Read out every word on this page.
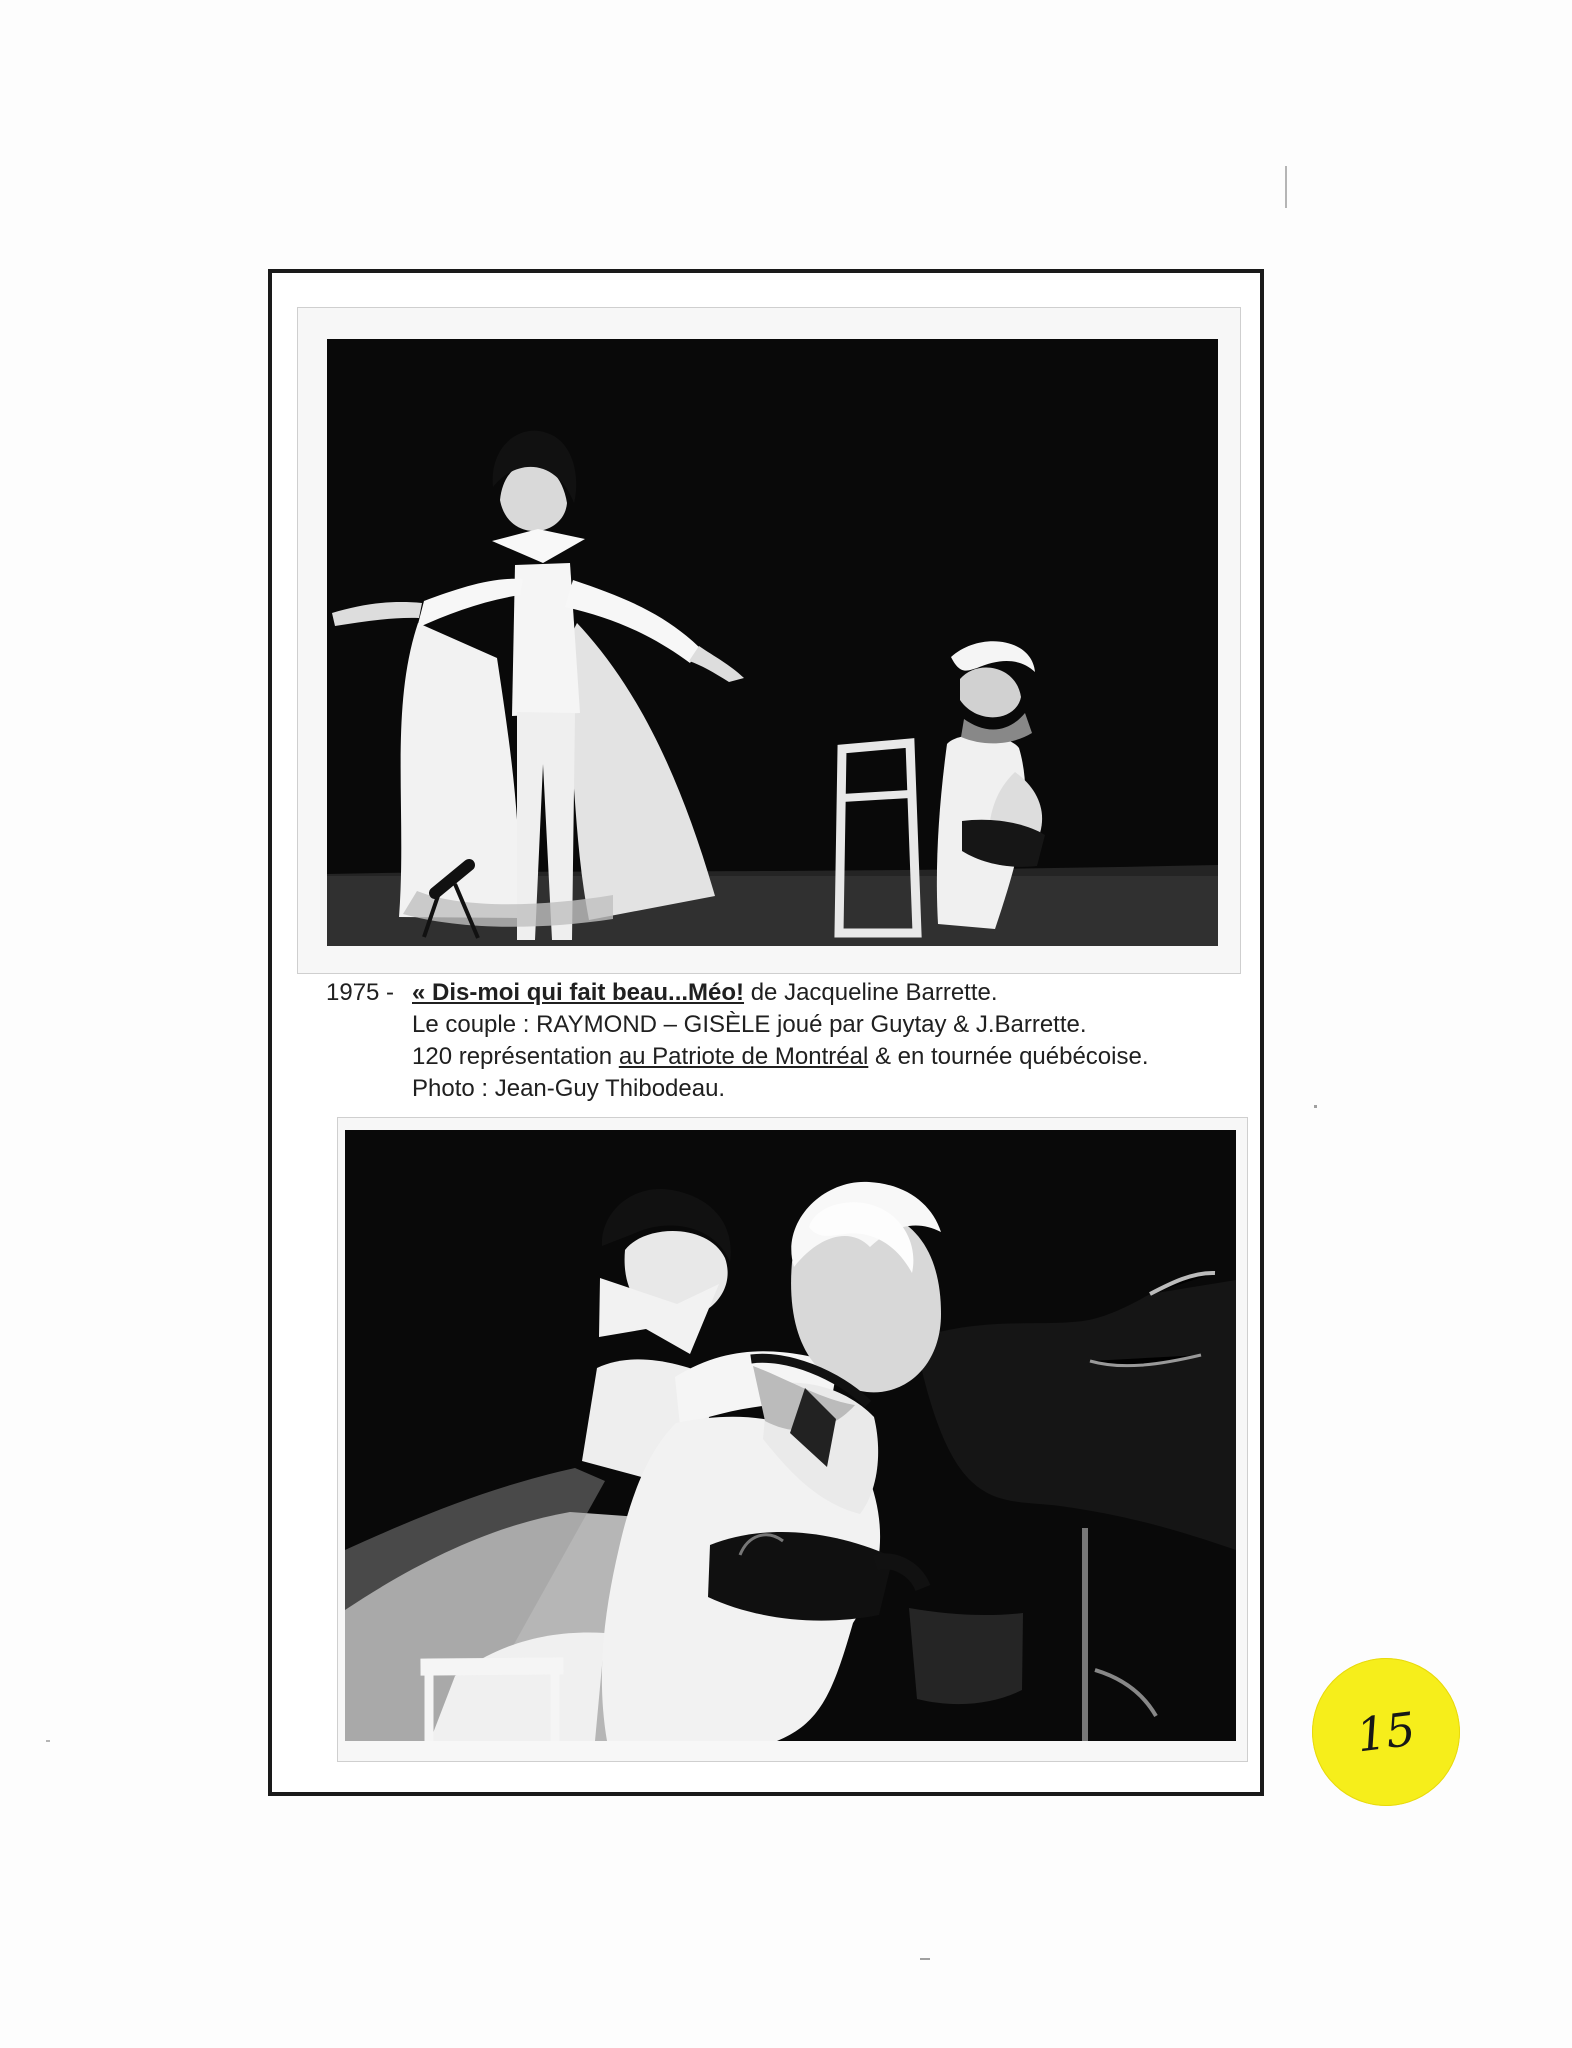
1975 - « Dis-moi qui fait beau...Méo! de Jacqueline Barrette.
Le couple : RAYMOND – GISÈLE joué par Guytay & J.Barrette.
120 représentation au Patriote de Montréal & en tournée québécoise.
Photo : Jean-Guy Thibodeau.
15
